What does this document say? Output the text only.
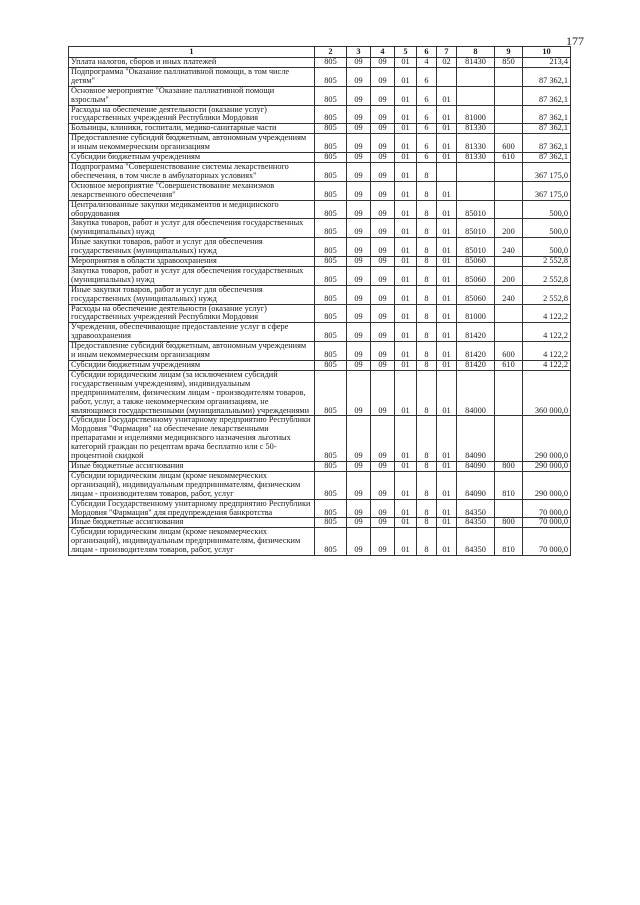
177
1	2	3	4	5	6	7	8	9	10
Уплата налогов, сборов и иных платежей	805	09	09	01	4	02	81430	850	213,4
Подпрограмма "Оказание паллиативной помощи, в том числе детям"	805	09	09	01	6				87 362,1
Основное мероприятие "Оказание паллиативной помощи взрослым"	805	09	09	01	6	01			87 362,1
Расходы на обеспечение деятельности (оказание услуг) государственных учреждений Республики Мордовия	805	09	09	01	6	01	81000		87 362,1
Больницы, клиники, госпитали, медико-санитарные части	805	09	09	01	6	01	81330		87 362,1
Предоставление субсидий бюджетным, автономным учреждениям и иным некоммерческим организациям	805	09	09	01	6	01	81330	600	87 362,1
Субсидии бюджетным учреждениям	805	09	09	01	6	01	81330	610	87 362,1
Подпрограмма "Совершенствование системы лекарственного обеспечения, в том числе в амбулаторных условиях"	805	09	09	01	8				367 175,0
Основное мероприятие "Совершенствование механизмов лекарственного обеспечения"	805	09	09	01	8	01			367 175,0
Централизованные закупки медикаментов и медицинского оборудования	805	09	09	01	8	01	85010		500,0
Закупка товаров, работ и услуг для обеспечения государственных (муниципальных) нужд	805	09	09	01	8	01	85010	200	500,0
Иные закупки товаров, работ и услуг для обеспечения государственных (муниципальных) нужд	805	09	09	01	8	01	85010	240	500,0
Мероприятия в области здравоохранения	805	09	09	01	8	01	85060		2 552,8
Закупка товаров, работ и услуг для обеспечения государственных (муниципальных) нужд	805	09	09	01	8	01	85060	200	2 552,8
Иные закупки товаров, работ и услуг для обеспечения государственных (муниципальных) нужд	805	09	09	01	8	01	85060	240	2 552,8
Расходы на обеспечение деятельности (оказание услуг) государственных учреждений Республики Мордовия	805	09	09	01	8	01	81000		4 122,2
Учреждения, обеспечивающие предоставление услуг в сфере здравоохранения	805	09	09	01	8	01	81420		4 122,2
Предоставление субсидий бюджетным, автономным учреждениям и иным некоммерческим организациям	805	09	09	01	8	01	81420	600	4 122,2
Субсидии бюджетным учреждениям	805	09	09	01	8	01	81420	610	4 122,2
Субсидии юридическим лицам (за исключением субсидий государственным учреждениям), индивидуальным предпринимателям, физическим лицам - производителям товаров, работ, услуг, а также некоммерческим организациям, не являющимся государственными (муниципальными) учреждениями	805	09	09	01	8	01	84000		360 000,0
Субсидии Государственному унитарному предприятию Республики Мордовия "Фармация" на обеспечение лекарственными препаратами и изделиями медицинского назначения льготных категорий граждан по рецептам врача бесплатно или с 50-процентной скидкой	805	09	09	01	8	01	84090		290 000,0
Иные бюджетные ассигнования	805	09	09	01	8	01	84090	800	290 000,0
Субсидии юридическим лицам (кроме некоммерческих организаций), индивидуальным предпринимателям, физическим лицам - производителям товаров, работ, услуг	805	09	09	01	8	01	84090	810	290 000,0
Субсидии Государственному унитарному предприятию Республики Мордовия "Фармация" для предупреждения банкротства	805	09	09	01	8	01	84350		70 000,0
Иные бюджетные ассигнования	805	09	09	01	8	01	84350	800	70 000,0
Субсидии юридическим лицам (кроме некоммерческих организаций), индивидуальным предпринимателям, физическим лицам - производителям товаров, работ, услуг	805	09	09	01	8	01	84350	810	70 000,0
